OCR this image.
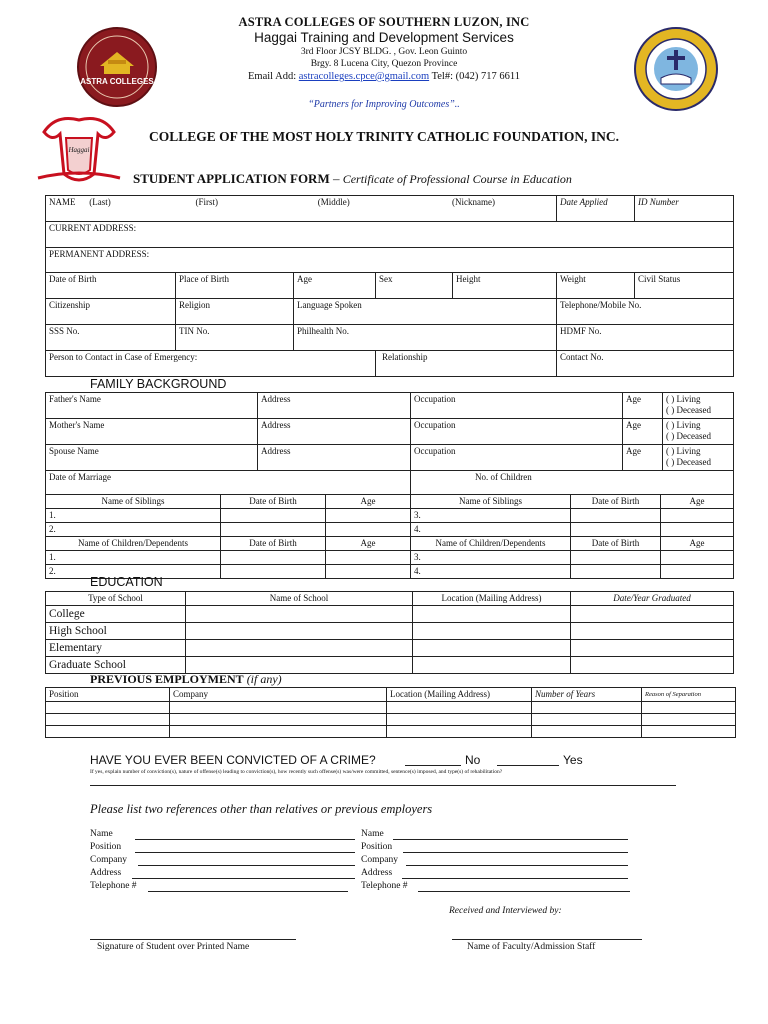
ASTRA COLLEGES
Haggai
ASTRA COLLEGES OF SOUTHERN LUZON, INC
Haggai Training and Development Services
3rd Floor JCSY BLDG. , Gov. Leon Guinto
Brgy. 8 Lucena City, Quezon Province
Email Add: astracolleges.cpce@gmail.com Tel#: (042) 717 6611
“Partners for Improving Outcomes”..
COLLEGE OF THE MOST HOLY TRINITY CATHOLIC FOUNDATION, INC.
STUDENT APPLICATION FORM – Certificate of Professional Course in Education
NAME (Last) (First) (Middle) (Nickname)					Date Applied	ID Number
CURRENT ADDRESS:						
PERMANENT ADDRESS:						
Date of Birth	Place of Birth	Age	Sex	Height	Weight	Civil Status
Citizenship	Religion	Language Spoken			Telephone/Mobile No.	
SSS No.	TIN No.	Philhealth No.			HDMF No.	
Person to Contact in Case of Emergency:			Relationship		Contact No.	
FAMILY BACKGROUND
Father's Name	Address	Occupation	Age	( ) Living
( ) Deceased

Mother's Name	Address	Occupation	Age	( ) Living
( ) Deceased

Spouse Name	Address	Occupation	Age	( ) Living
( ) Deceased

Date of Marriage		No. of Children		
Name of Siblings	Date of Birth	Age	Name of Siblings	Date of Birth	Age
1.			3.		
2.			4.		
Name of Children/Dependents	Date of Birth	Age	Name of Children/Dependents	Date of Birth	Age
1.			3.		
2.			4.		
EDUCATION
Type of School	Name of School	Location (Mailing Address)	Date/Year Graduated
College			
High School			
Elementary			
Graduate School			
PREVIOUS EMPLOYMENT (if any)
Position	Company	Location (Mailing Address)	Number of Years	Reason of Separation

HAVE YOU EVER BEEN CONVICTED OF A CRIME?	No	Yes
If yes, explain number of conviction(s), nature of offense(s) leading to conviction(s), how recently such offense(s) was/were committed, sentence(s) imposed, and type(s) of rehabilitation?
Please list two references other than relatives or previous employers
Name
Position
Company
Address
Telephone #
Name
Position
Company
Address
Telephone #
Received and Interviewed by:
Signature of Student over Printed Name	Name of Faculty/Admission Staff
